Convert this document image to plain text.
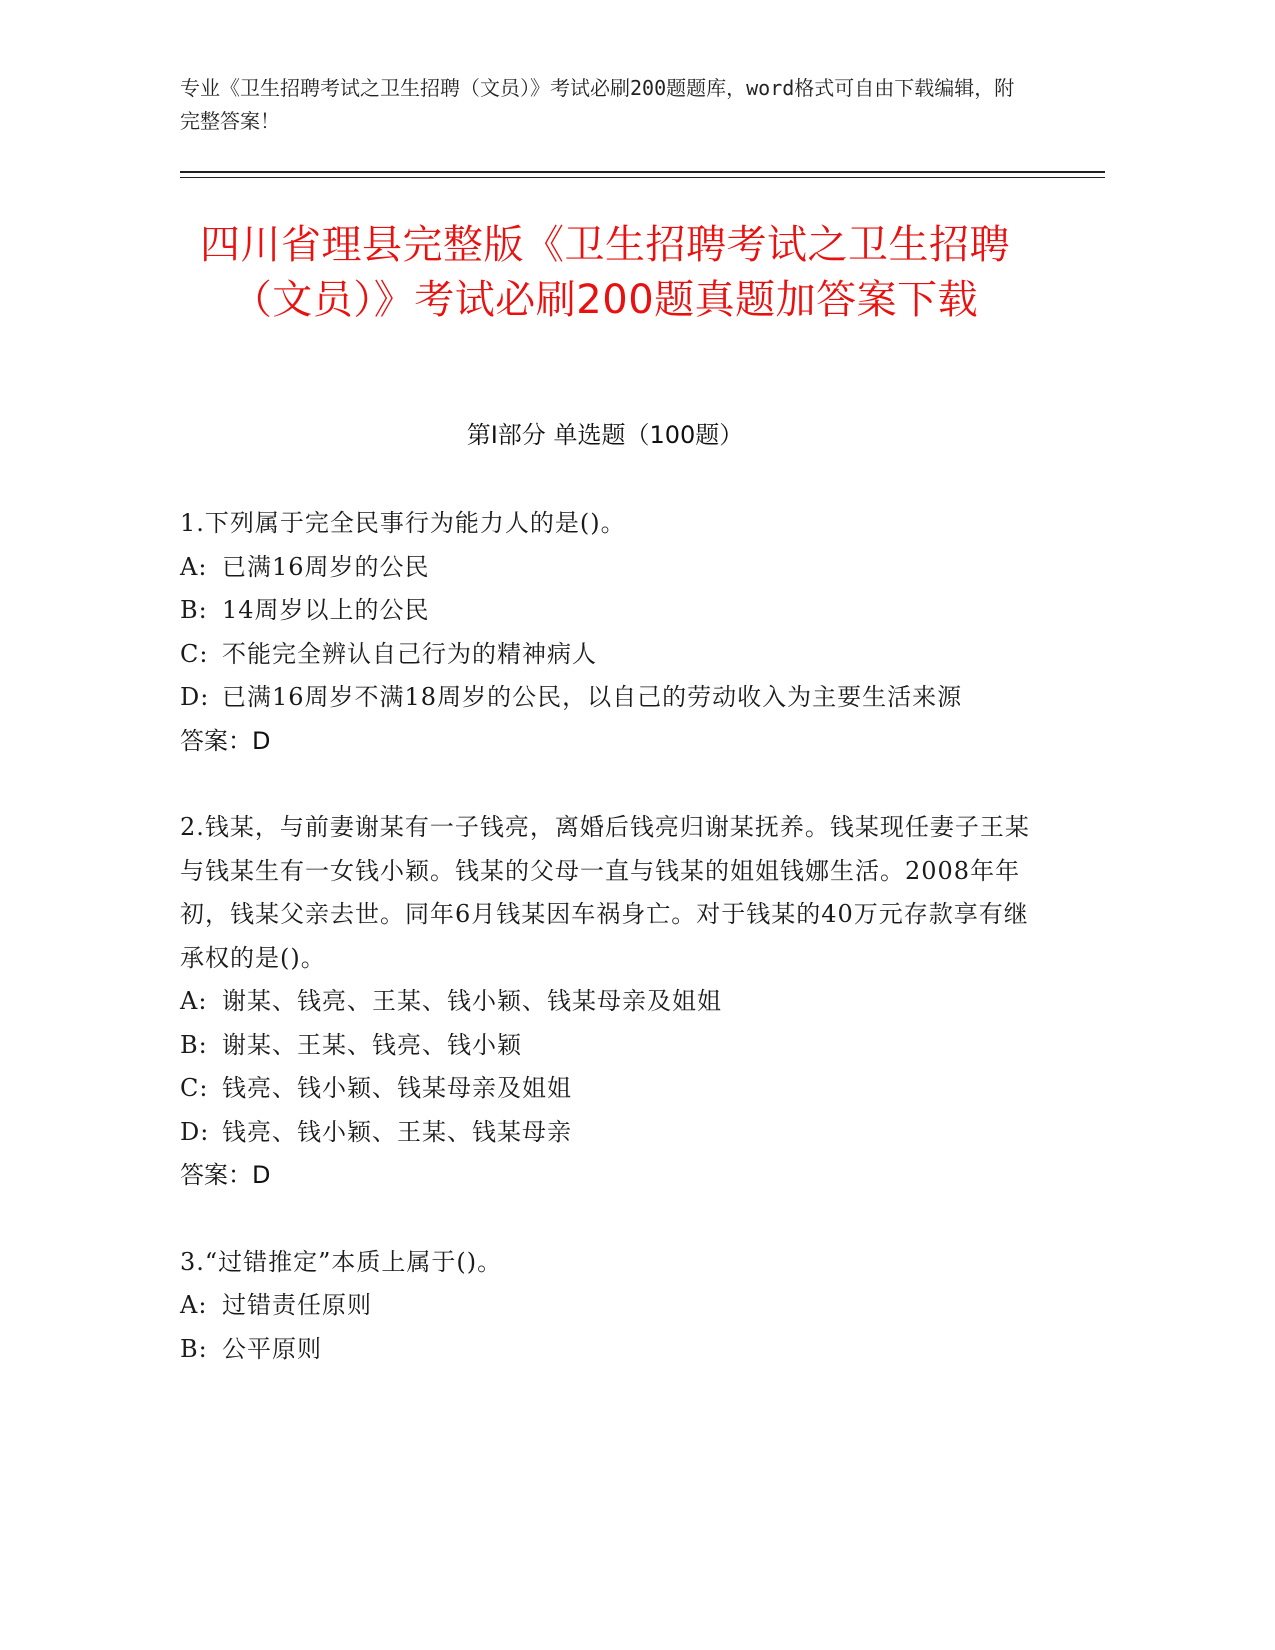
专业《卫生招聘考试之卫生招聘（文员）》考试必刷200题题库，word格式可自由下载编辑，附完整答案！
四川省理县完整版《卫生招聘考试之卫生招聘（文员）》考试必刷200题真题加答案下载
第I部分 单选题（100题）

1.下列属于完全民事行为能力人的是()。

A: 已满16周岁的公民

B: 14周岁以上的公民

C: 不能完全辨认自己行为的精神病人

D: 已满16周岁不满18周岁的公民，以自己的劳动收入为主要生活来源

答案：D

2.钱某，与前妻谢某有一子钱亮，离婚后钱亮归谢某抚养。钱某现任妻子王某与钱某生有一女钱小颖。钱某的父母一直与钱某的姐姐钱娜生活。2008年年初，钱某父亲去世。同年6月钱某因车祸身亡。对于钱某的40万元存款享有继承权的是()。

A: 谢某、钱亮、王某、钱小颖、钱某母亲及姐姐

B: 谢某、王某、钱亮、钱小颖

C: 钱亮、钱小颖、钱某母亲及姐姐

D: 钱亮、钱小颖、王某、钱某母亲

答案：D

3.“过错推定”本质上属于()。

A: 过错责任原则

B: 公平原则
